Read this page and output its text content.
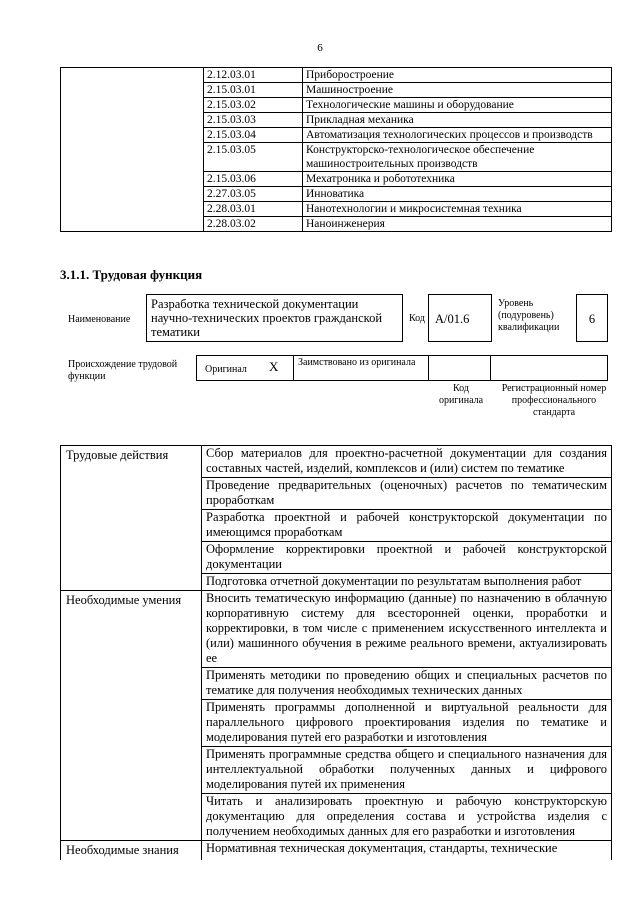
6
	2.12.03.01	Приборостроение
	2.15.03.01	Машиностроение
	2.15.03.02	Технологические машины и оборудование
	2.15.03.03	Прикладная механика
	2.15.03.04	Автоматизация технологических процессов и производств
	2.15.03.05	Конструкторско-технологическое обеспечение машиностроительных производств
	2.15.03.06	Мехатроника и робототехника
	2.27.03.05	Инноватика
	2.28.03.01	Нанотехнологии и микросистемная техника
	2.28.03.02	Наноинженерия
3.1.1. Трудовая функция
Наименование
Разработка технической документации научно-технических проектов гражданской тематики
Код A/01.6
Уровень (подуровень) квалификации
6
Происхождение трудовой функции
Оригинал X Заимствовано из оригинала
Код оригинала
Регистрационный номер профессионального стандарта
Трудовые действия	Сбор материалов для проектно-расчетной документации для создания составных частей, изделий, комплексов и (или) систем по тематике
	Проведение предварительных (оценочных) расчетов по тематическим проработкам
	Разработка проектной и рабочей конструкторской документации по имеющимся проработкам
	Оформление корректировки проектной и рабочей конструкторской документации
	Подготовка отчетной документации по результатам выполнения работ
Необходимые умения	Вносить тематическую информацию (данные) по назначению в облачную корпоративную систему для всесторонней оценки, проработки и корректировки, в том числе с применением искусственного интеллекта и (или) машинного обучения в режиме реального времени, актуализировать ее
	Применять методики по проведению общих и специальных расчетов по тематике для получения необходимых технических данных
	Применять программы дополненной и виртуальной реальности для параллельного цифрового проектирования изделия по тематике и моделирования путей его разработки и изготовления
	Применять программные средства общего и специального назначения для интеллектуальной обработки полученных данных и цифрового моделирования путей их применения
	Читать и анализировать проектную и рабочую конструкторскую документацию для определения состава и устройства изделия с получением необходимых данных для его разработки и изготовления
Необходимые знания	Нормативная техническая документация, стандарты, технические
